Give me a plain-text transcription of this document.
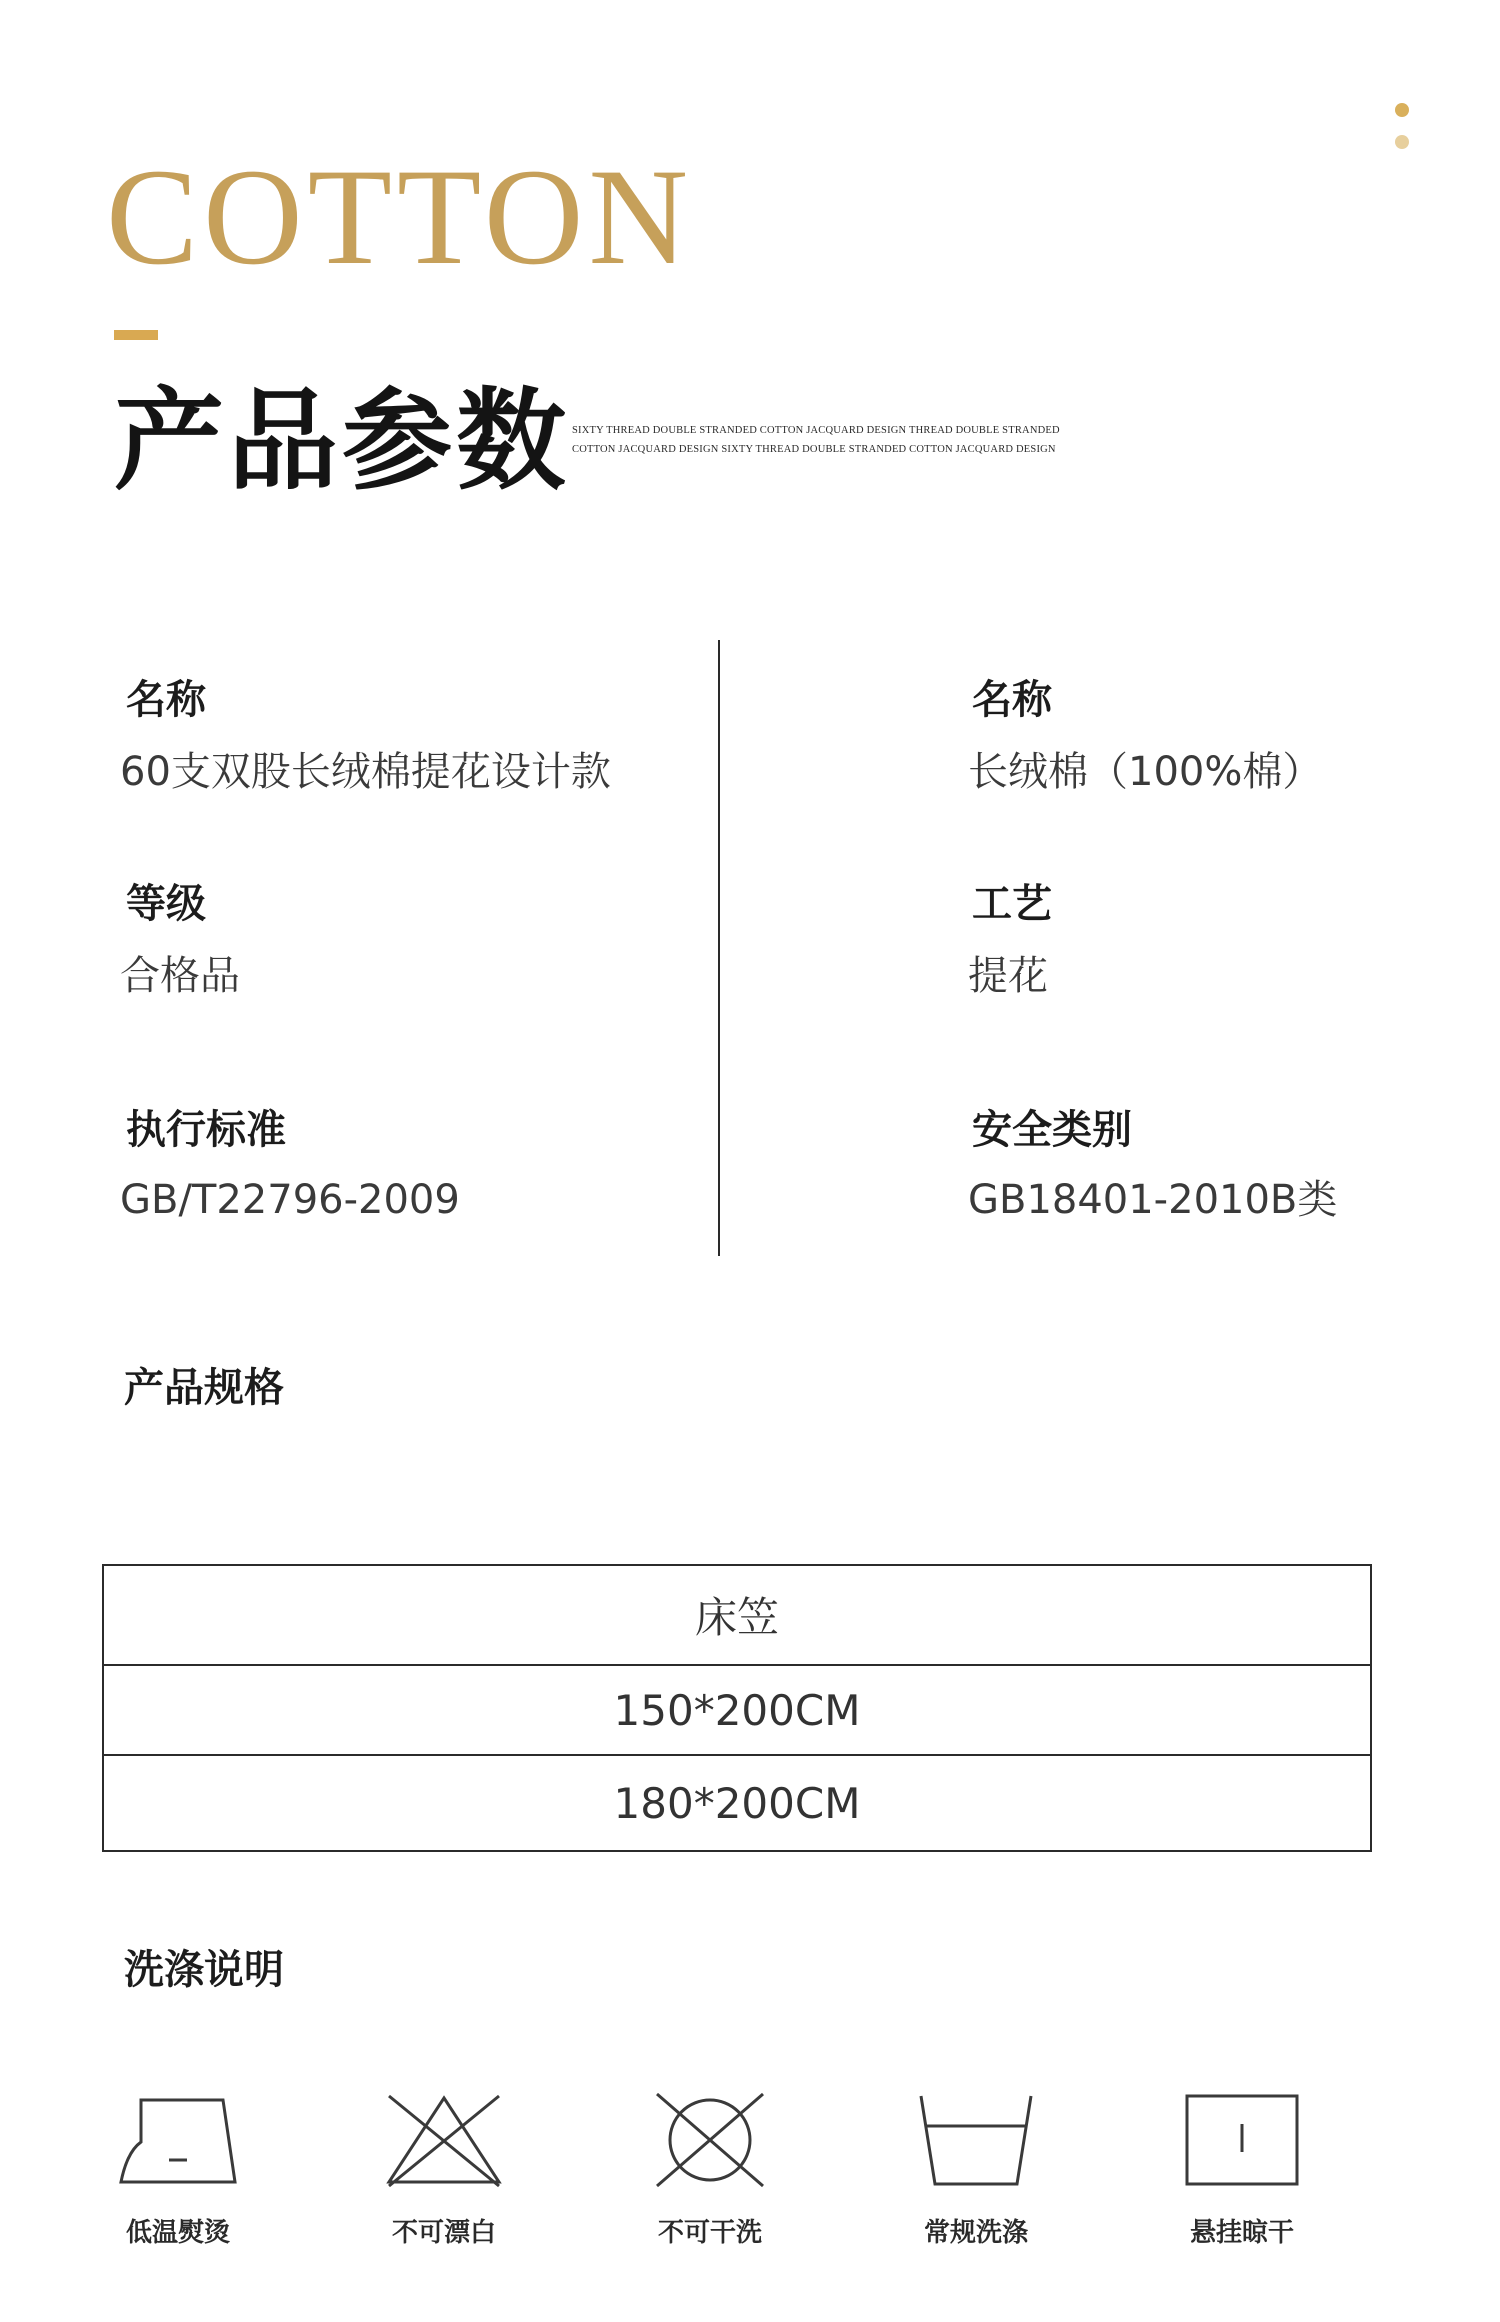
COTTON
产品参数 SIXTY THREAD DOUBLE STRANDED COTTON JACQUARD DESIGN THREAD DOUBLE STRANDED COTTON JACQUARD DESIGN SIXTY THREAD DOUBLE STRANDED COTTON JACQUARD DESIGN
名称
60支双股长绒棉提花设计款
名称
长绒棉（100%棉）
等级
合格品
工艺
提花
执行标准
GB/T22796-2009
安全类别
GB18401-2010B类
产品规格
床笠
150*200CM
180*200CM
洗涤说明
低温熨烫	不可漂白	不可干洗	常规洗涤	悬挂晾干
